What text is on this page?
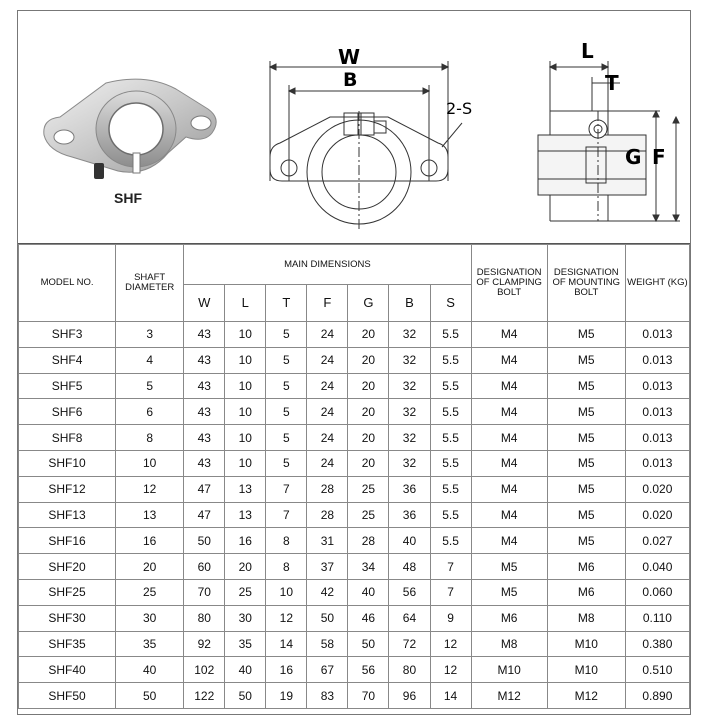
SHF
W
B
2-S
L
T
G F
MODEL NO.	SHAFT DIAMETER	MAIN DIMENSIONS							DESIGNATION OF CLAMPING BOLT	DESIGNATION OF MOUNTING BOLT	WEIGHT (KG)
		W	L	T	F	G	B	S			
SHF3	3	43	10	5	24	20	32	5.5	M4	M5	0.013
SHF4	4	43	10	5	24	20	32	5.5	M4	M5	0.013
SHF5	5	43	10	5	24	20	32	5.5	M4	M5	0.013
SHF6	6	43	10	5	24	20	32	5.5	M4	M5	0.013
SHF8	8	43	10	5	24	20	32	5.5	M4	M5	0.013
SHF10	10	43	10	5	24	20	32	5.5	M4	M5	0.013
SHF12	12	47	13	7	28	25	36	5.5	M4	M5	0.020
SHF13	13	47	13	7	28	25	36	5.5	M4	M5	0.020
SHF16	16	50	16	8	31	28	40	5.5	M4	M5	0.027
SHF20	20	60	20	8	37	34	48	7	M5	M6	0.040
SHF25	25	70	25	10	42	40	56	7	M5	M6	0.060
SHF30	30	80	30	12	50	46	64	9	M6	M8	0.110
SHF35	35	92	35	14	58	50	72	12	M8	M10	0.380
SHF40	40	102	40	16	67	56	80	12	M10	M10	0.510
SHF50	50	122	50	19	83	70	96	14	M12	M12	0.890
